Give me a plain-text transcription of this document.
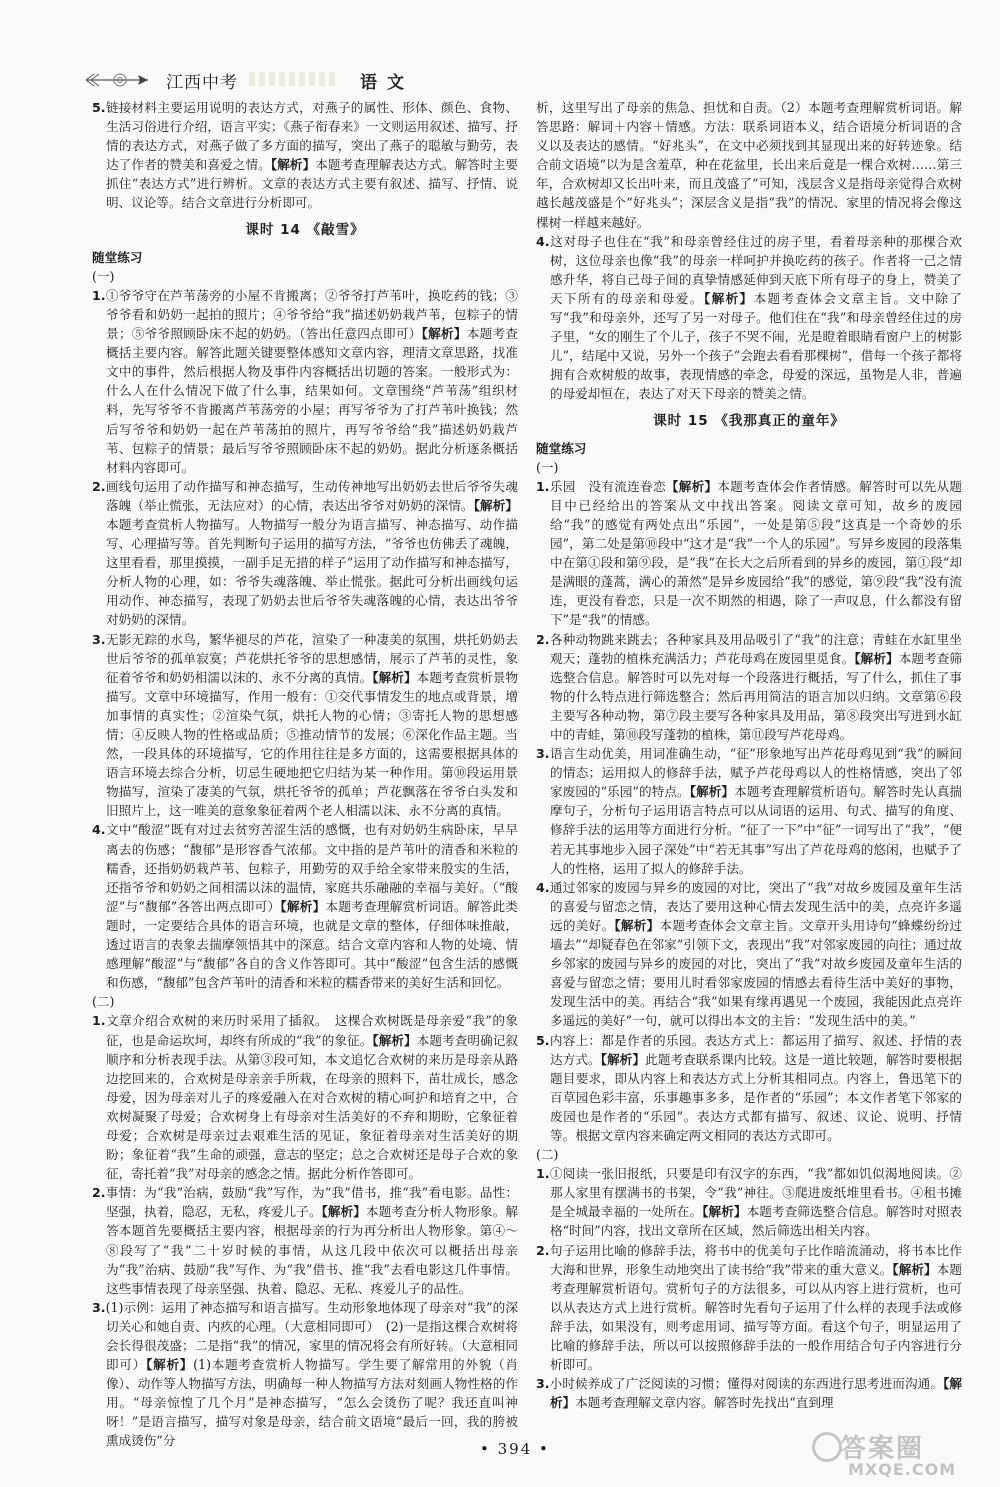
江西中考	语文

5.链接材料主要运用说明的表达方式，对燕子的属性、形体、颜色、食物、生活习俗进行介绍，语言平实；《燕子衔春来》一文则运用叙述、描写、抒情的表达方式，对燕子做了多方面的描写，突出了燕子的聪敏与勤劳，表达了作者的赞美和喜爱之情。【解析】本题考查理解表达方式。解答时主要抓住“表达方式”进行辨析。文章的表达方式主要有叙述、描写、抒情、说明、议论等。结合文章进行分析即可。

课时 14 《敲雪》

随堂练习

(一)

1.①爷爷守在芦苇荡旁的小屋不肯搬离；②爷爷打芦苇叶，换吃药的钱；③爷爷看和奶奶一起拍的照片；④爷爷给“我”描述奶奶栽芦苇，包粽子的情景；⑤爷爷照顾卧床不起的奶奶。（答出任意四点即可）【解析】本题考查概括主要内容。解答此题关键要整体感知文章内容，理清文章思路，找准文中的事件，然后根据人物及事件内容概括出切题的答案。一般形式为：什么人在什么情况下做了什么事，结果如何。文章围绕“芦苇荡”组织材料，先写爷爷不肯搬离芦苇荡旁的小屋；再写爷爷为了打芦苇叶换钱；然后写爷爷和奶奶一起在芦苇荡拍的照片，再写爷爷给“我”描述奶奶栽芦苇、包粽子的情景；最后写爷爷照顾卧床不起的奶奶。据此分析逐条概括材料内容即可。

2.画线句运用了动作描写和神态描写，生动传神地写出奶奶去世后爷爷失魂落魄（举止慌张，无法应对）的心情，表达出爷爷对奶奶的深情。【解析】本题考查赏析人物描写。人物描写一般分为语言描写、神态描写、动作描写、心理描写等。首先判断句子运用的描写方法，“爷爷也仿佛丢了魂魄，这里看看，那里摸摸，一副手足无措的样子”运用了动作描写和神态描写，分析人物的心理，如：爷爷失魂落魄、举止慌张。据此可分析出画线句运用动作、神态描写，表现了奶奶去世后爷爷失魂落魄的心情，表达出爷爷对奶奶的深情。

3.无影无踪的水鸟，繁华褪尽的芦花，渲染了一种凄美的氛围，烘托奶奶去世后爷爷的孤单寂寞；芦花烘托爷爷的思想感情，展示了芦苇的灵性，象征着爷爷和奶奶相濡以沫的、永不分离的真情。【解析】本题考查赏析景物描写。文章中环境描写，作用一般有：①交代事情发生的地点或背景，增加事情的真实性；②渲染气氛，烘托人物的心情；③寄托人物的思想感情；④反映人物的性格或品质；⑤推动情节的发展；⑥深化作品主题。当然，一段具体的环境描写，它的作用往往是多方面的，这需要根据具体的语言环境去综合分析，切忌生硬地把它归结为某一种作用。第⑩段运用景物描写，渲染了凄美的气氛，烘托爷爷的孤单；芦花飘落在爷爷白头发和旧照片上，这一唯美的意象象征着两个老人相濡以沫、永不分离的真情。

4.文中“酸涩”既有对过去贫穷苦涩生活的感慨，也有对奶奶生病卧床，早早离去的伤感；“馥郁”是形容香气浓郁。文中指的是芦苇叶的清香和米粒的糯香，还指奶奶栽芦苇、包粽子，用勤劳的双手给全家带来殷实的生活，还指爷爷和奶奶之间相濡以沫的温情，家庭共乐融融的幸福与美好。（“酸涩”与“馥郁”各答出两点即可）【解析】本题考查理解赏析词语。解答此类题时，一定要结合具体的语言环境，也就是文章的整体，仔细体味推敲，透过语言的表象去揣摩领悟其中的深意。结合文章内容和人物的处境、情感理解“酸涩”与“馥郁”各自的含义作答即可。其中“酸涩”包含生活的感慨和伤感，“馥郁”包含芦苇叶的清香和米粒的糯香带来的美好生活和回忆。

(二)

1.文章介绍合欢树的来历时采用了插叙。　这棵合欢树既是母亲爱“我”的象征，也是命运坎坷，却终有所成的“我”的象征。【解析】本题考查明确记叙顺序和分析表现手法。从第③段可知，本文追忆合欢树的来历是母亲从路边挖回来的，合欢树是母亲亲手所栽，在母亲的照料下，苗壮成长，感念母爱，因为母亲对儿子的疼爱融入在对合欢树的精心呵护和培育之中，合欢树凝聚了母爱；合欢树身上有母亲对生活美好的不弃和期盼，它象征着母爱；合欢树是母亲过去艰难生活的见证，象征着母亲对生活美好的期盼；象征着“我”生命的顽强，意志的坚定；总之合欢树还是母子合欢的象征，寄托着“我”对母亲的感念之情。据此分析作答即可。

2.事情：为“我”治病，鼓励“我”写作，为“我”借书，推“我”看电影。品性：坚强，执着，隐忍，无私，疼爱儿子。【解析】本题考查分析人物形象。解答本题首先要概括主要内容，根据母亲的行为再分析出人物形象。第④～⑧段写了“我”二十岁时候的事情，从这几段中依次可以概括出母亲为“我”治病、鼓励“我”写作、为“我”借书、推“我”去看电影这几件事情。这些事情表现了母亲坚强、执着、隐忍、无私、疼爱儿子的品性。

3.(1)示例：运用了神态描写和语言描写。生动形象地体现了母亲对“我”的深切关心和她自责、内疚的心理。（大意相同即可）　(2)一是指这棵合欢树将会长得很茂盛；二是指“我”的情况，家里的情况将会有所好转。（大意相同即可）【解析】(1)本题考查赏析人物描写。学生要了解常用的外貌（肖像）、动作等人物描写方法，明确每一种人物描写方法对刻画人物性格的作用。“母亲惊惶了几个月”是神态描写，“怎么会烫伤了呢？我还直叫神呀！”是语言描写，描写对象是母亲，结合前文语境“最后一回，我的胯被熏成烫伤”分

析，这里写出了母亲的焦急、担忧和自责。（2）本题考查理解赏析词语。解答思路：解词＋内容＋情感。方法：联系词语本义，结合语境分析词语的含义以及表达的感情。“好兆头”，在文中必须找到其显现出来的好转迹象。结合前文语境“以为是含羞草，种在花盆里，长出来后竟是一棵合欢树……第三年，合欢树却又长出叶来，而且茂盛了”可知，浅层含义是指母亲觉得合欢树越长越茂盛是个“好兆头”；深层含义是指“我”的情况、家里的情况将会像这棵树一样越来越好。

4.这对母子也住在“我”和母亲曾经住过的房子里，看着母亲种的那棵合欢树，这位母亲也像“我”的母亲一样呵护并换吃药的孩子。作者将一己之情感升华，将自己母子间的真挚情感延伸到天底下所有母子的身上，赞美了天下所有的母亲和母爱。【解析】本题考查体会文章主旨。文中除了写“我”和母亲外，还写了另一对母子。他们住在“我”和母亲曾经住过的房子里，“女的刚生了个儿子，孩子不哭不闹，光是瞪着眼睛看窗户上的树影儿”，结尾中又说，另外一个孩子“会跑去看看那棵树”，借每一个孩子都将拥有合欢树般的故事，表现情感的牵念，母爱的深远，虽物是人非，普遍的母爱却恒在，表达了对天下母亲的赞美之情。

课时 15 《我那真正的童年》

随堂练习

(一)

1.乐园　没有流连眷恋【解析】本题考查体会作者情感。解答时可以先从题目中已经给出的答案从文中找出答案。阅读文章可知，故乡的废园给“我”的感觉有两处点出“乐园”，一处是第⑤段“这真是一个奇妙的乐园”，第二处是第⑩段中“这才是“我”一个人的乐园”。写异乡废园的段落集中在第①段和第⑨段，是“我”在长大之后所看到的异乡的废园，第①段“却是满眼的蓬蒿，满心的萧然”是异乡废园给“我”的感觉，第⑨段“我”没有流连，更没有眷恋，只是一次不期然的相遇，除了一声叹息，什么都没有留下”是“我”的情感。

2.各种动物跳来跳去；各种家具及用品吸引了“我”的注意；青蛙在水缸里坐观天；蓬勃的植株充满活力；芦花母鸡在废园里觅食。【解析】本题考查筛选整合信息。解答时可以先对每一个段落进行概括，写了什么，抓住了事物的什么特点进行筛选整合；然后再用简洁的语言加以归纳。文章第⑥段主要写各种动物，第⑦段主要写各种家具及用品，第⑧段突出写进到水缸中的青蛙，第⑩段写蓬勃的植株，第⑪段写芦花母鸡。

3.语言生动优美，用词准确生动，“征”形象地写出芦花母鸡见到“我”的瞬间的情态；运用拟人的修辞手法，赋予芦花母鸡以人的性格情感，突出了邻家废园的“乐园”的特点。【解析】本题考查理解赏析语句。解答时先认真揣摩句子，分析句子运用语言特点可以从词语的运用、句式、描写的角度、修辞手法的运用等方面进行分析。“征了一下”中“征”一词写出了“我”，“便若无其事地步入园子深处”中“若无其事”写出了芦花母鸡的悠闲，也赋予了人的性格，运用了拟人的修辞手法。

4.通过邻家的废园与异乡的废园的对比，突出了“我”对故乡废园及童年生活的喜爱与留恋之情，表达了要用这种心情去发现生活中的美，点亮许多遥远的美好。【解析】本题考查体会文章主旨。文章开头用诗句“蜂蝶纷纷过墙去”“却疑春色在邻家”引领下文，表现出“我”对邻家废园的向往；通过故乡邻家的废园与异乡的废园的对比，突出了“我”对故乡废园及童年生活的喜爱与留恋之情；要用儿时看邻家废园的情感去看待生活中美好的事物，发现生活中的美。再结合“我”如果有缘再遇见一个废园，我能因此点亮许多遥远的美好”一句，就可以得出本文的主旨：“发现生活中的美。”

5.内容上：都是作者的乐园。表达方式上：都运用了描写、叙述、抒情的表达方式。【解析】此题考查联系课内比较。这是一道比较题，解答时要根据题目要求，即从内容上和表达方式上分析其相同点。内容上，鲁迅笔下的百草园色彩丰富，乐事趣事多多，是作者的“乐园”；本文作者笔下邻家的废园也是作者的“乐园”。表达方式都有描写、叙述、议论、说明、抒情等。根据文章内容来确定两文相同的表达方式即可。

(二)

1.①阅读一张旧报纸，只要是印有汉字的东西，“我”都如饥似渴地阅读。②那人家里有摆满书的书架，令“我”神往。③爬进废纸堆里看书。④租书摊是全城最幸福的一处所在。【解析】本题考查筛选整合信息。解答时对照表格“时间”内容，找出文章所在区域，然后筛选出相关内容。

2.句子运用比喻的修辞手法，将书中的优美句子比作暗流涌动，将书本比作大海和世界，形象生动地突出了读书给“我”带来的重大意义。【解析】本题考查理解赏析语句。赏析句子的方法很多，可以从内容上进行赏析，也可以从表达方式上进行赏析。解答时先看句子运用了什么样的表现手法或修辞手法，如果没有，则考虑用词、描写等方面。看这个句子，明显运用了比喻的修辞手法，所以可以按照修辞手法的一般作用结合句子内容进行分析即可。

3.小时候养成了广泛阅读的习惯；懂得对阅读的东西进行思考进而沟通。【解析】本题考查理解文章内容。解答时先找出“直到理

• 394 •	答案圈
MXQE.COM
